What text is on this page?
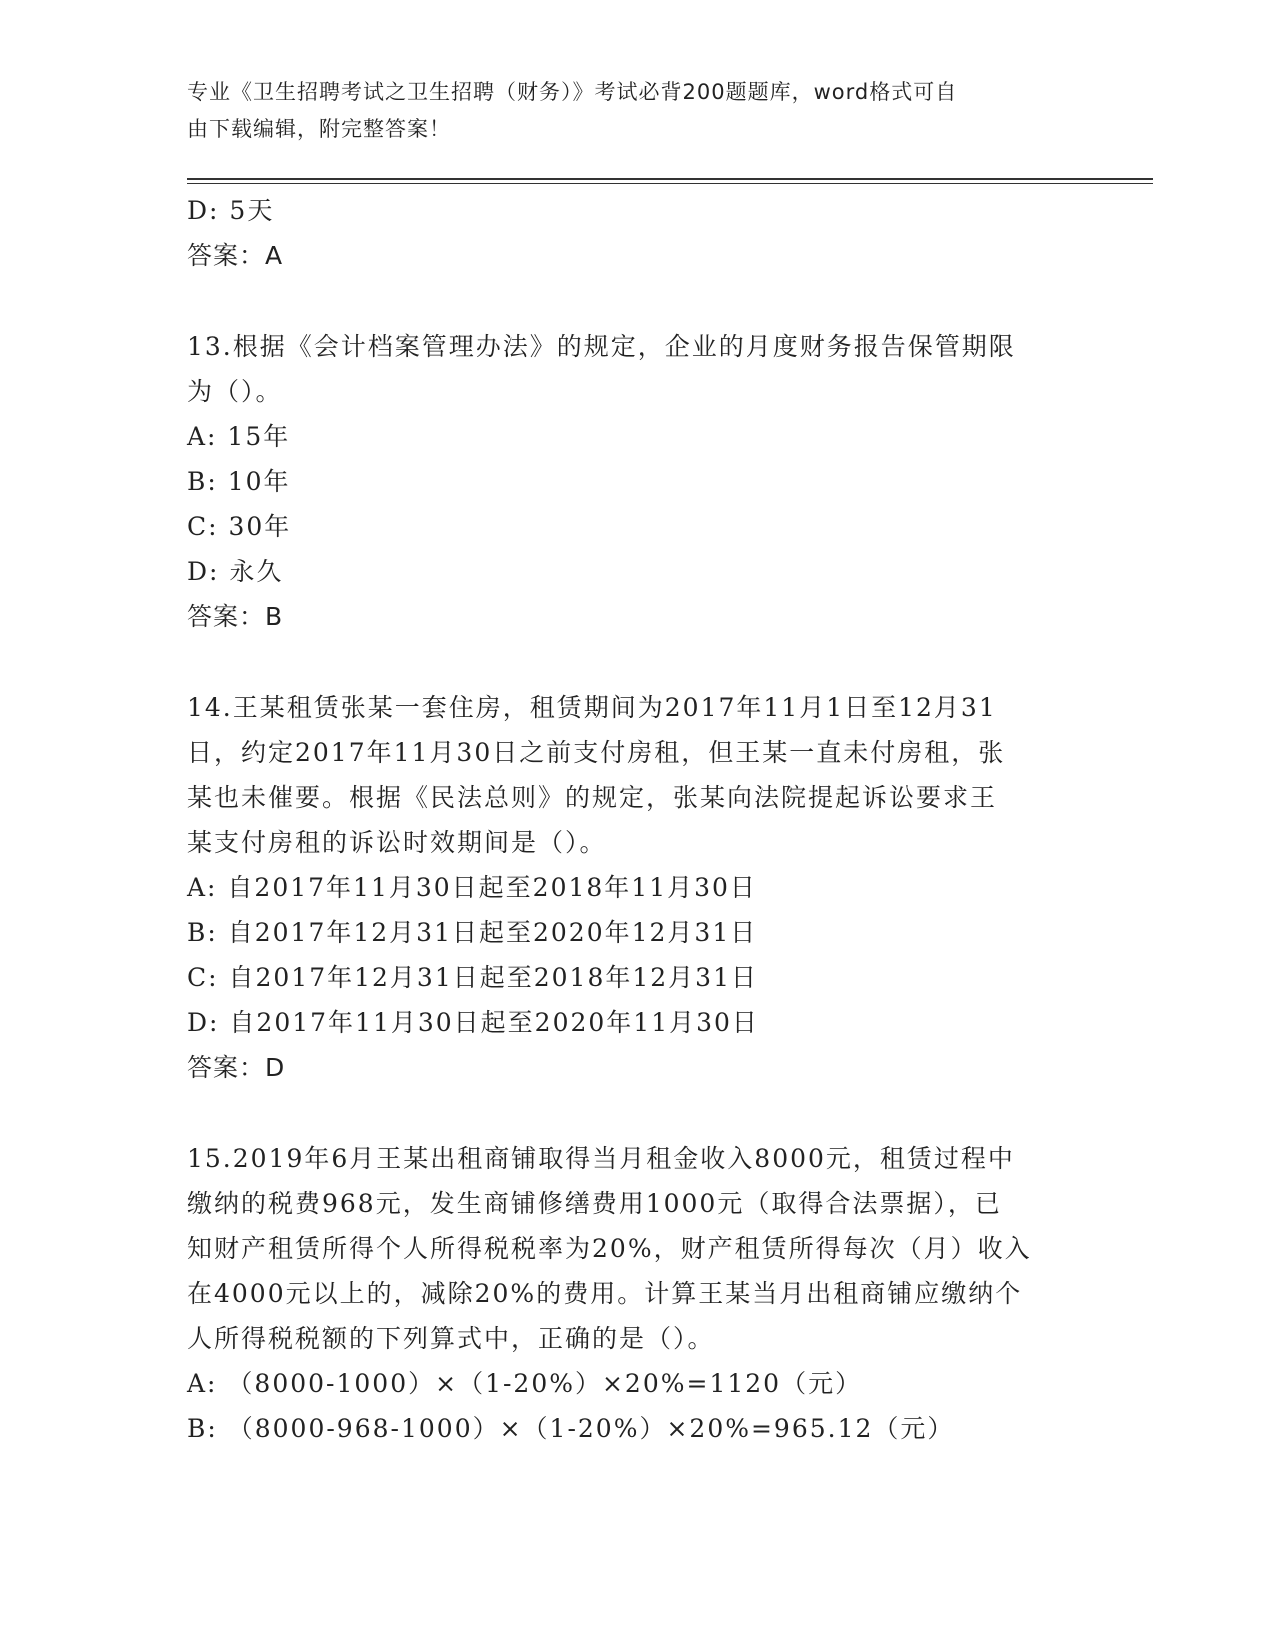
专业《卫生招聘考试之卫生招聘（财务）》考试必背200题题库，word格式可自
由下载编辑，附完整答案！
D: 5天
答案：A
13.根据《会计档案管理办法》的规定，企业的月度财务报告保管期限
为（）。
A: 15年
B: 10年
C: 30年
D: 永久
答案：B
14.王某租赁张某一套住房，租赁期间为2017年11月1日至12月31
日，约定2017年11月30日之前支付房租，但王某一直未付房租，张
某也未催要。根据《民法总则》的规定，张某向法院提起诉讼要求王
某支付房租的诉讼时效期间是（）。
A: 自2017年11月30日起至2018年11月30日
B: 自2017年12月31日起至2020年12月31日
C: 自2017年12月31日起至2018年12月31日
D: 自2017年11月30日起至2020年11月30日
答案：D
15.2019年6月王某出租商铺取得当月租金收入8000元，租赁过程中
缴纳的税费968元，发生商铺修缮费用1000元（取得合法票据），已
知财产租赁所得个人所得税税率为20%，财产租赁所得每次（月）收入
在4000元以上的，减除20%的费用。计算王某当月出租商铺应缴纳个
人所得税税额的下列算式中，正确的是（）。
A: （8000-1000）×（1-20%）×20%=1120（元）
B: （8000-968-1000）×（1-20%）×20%=965.12（元）
